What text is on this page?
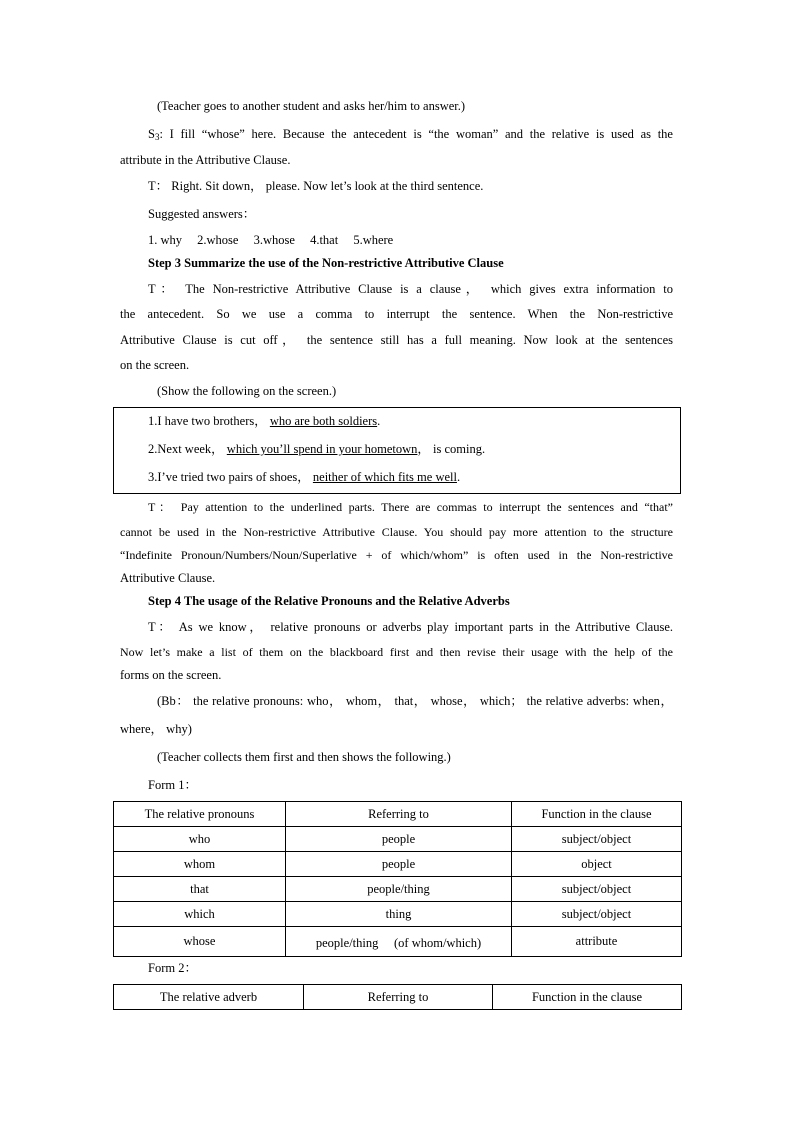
(Teacher goes to another student and asks her/him to answer.)
$S_3$: I fill “whose” here. Because the antecedent is “the woman” and the relative is used as the
attribute in the Attributive Clause.
T： Right. Sit down， please. Now let’s look at the third sentence.
Suggested answers：
1. why 2.whose 3.whose 4.that 5.where
Step 3 Summarize the use of the Non-restrictive Attributive Clause
T： The Non-restrictive Attributive Clause is a clause， which gives extra information to
the antecedent. So we use a comma to interrupt the sentence. When the Non-restrictive
Attributive Clause is cut off， the sentence still has a full meaning. Now look at the sentences
on the screen.
(Show the following on the screen.)
1.I have two brothers， who are both soldiers.
2.Next week， which you’ll spend in your hometown， is coming.
3.I’ve tried two pairs of shoes， neither of which fits me well.
T： Pay attention to the underlined parts. There are commas to interrupt the sentences and “that”
cannot be used in the Non-restrictive Attributive Clause. You should pay more attention to the structure
“Indefinite Pronoun/Numbers/Noun/Superlative + of which/whom” is often used in the Non-restrictive
Attributive Clause.
Step 4 The usage of the Relative Pronouns and the Relative Adverbs
T： As we know， relative pronouns or adverbs play important parts in the Attributive Clause.
Now let’s make a list of them on the blackboard first and then revise their usage with the help of the
forms on the screen.
(Bb： the relative pronouns: who， whom， that， whose， which； the relative adverbs: when，
where， why)
(Teacher collects them first and then shows the following.)
Form 1：
The relative pronouns	Referring to	Function in the clause
who	people	subject/object
whom	people	object
that	people/thing	subject/object
which	thing	subject/object
whose	people/thing 　(of whom/which)	attribute
Form 2：
The relative adverb	Referring to	Function in the clause
